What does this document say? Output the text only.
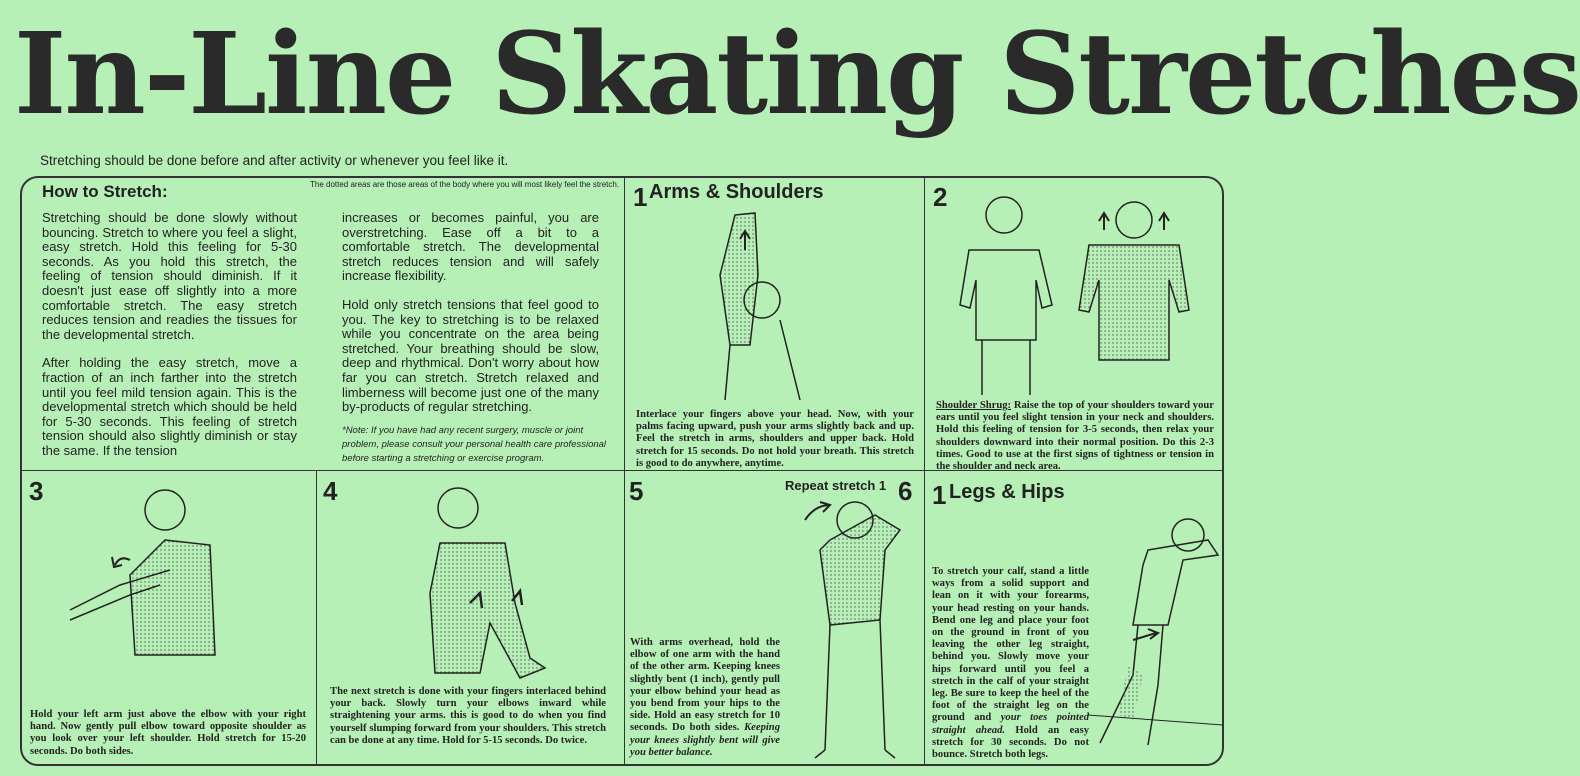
In-Line Skating Stretches
Stretching should be done before and after activity or whenever you feel like it.
How to Stretch:	The dotted areas are those areas of the body where you will most likely feel the stretch.

Stretching should be done slowly without bouncing. Stretch to where you feel a slight, easy stretch. Hold this feeling for 5-30 seconds. As you hold this stretch, the feeling of tension should diminish. If it doesn't just ease off slightly into a more comfortable stretch. The easy stretch reduces tension and readies the tissues for the developmental stretch.

After holding the easy stretch, move a fraction of an inch farther into the stretch until you feel mild tension again. This is the developmental stretch which should be held for 5-30 seconds. This feeling of stretch tension should also slightly diminish or stay the same. If the tension

increases or becomes painful, you are overstretching. Ease off a bit to a comfortable stretch. The developmental stretch reduces tension and will safely increase flexibility.

Hold only stretch tensions that feel good to you. The key to stretching is to be relaxed while you concentrate on the area being stretched. Your breathing should be slow, deep and rhythmical. Don't worry about how far you can stretch. Stretch relaxed and limberness will become just one of the many by-products of regular stretching.

*Note: If you have had any recent surgery, muscle or joint problem, please consult your personal health care professional before starting a stretching or exercise program.
1 Arms & Shoulders
Interlace your fingers above your head. Now, with your palms facing upward, push your arms slightly back and up. Feel the stretch in arms, shoulders and upper back. Hold stretch for 15 seconds. Do not hold your breath. This stretch is good to do anywhere, anytime.
2
Shoulder Shrug: Raise the top of your shoulders toward your ears until you feel slight tension in your neck and shoulders. Hold this feeling of tension for 3-5 seconds, then relax your shoulders downward into their normal position. Do this 2-3 times. Good to use at the first signs of tightness or tension in the shoulder and neck area.
3
Hold your left arm just above the elbow with your right hand. Now gently pull elbow toward opposite shoulder as you look over your left shoulder. Hold stretch for 15-20 seconds. Do both sides.
4
The next stretch is done with your fingers interlaced behind your back. Slowly turn your elbows inward while straightening your arms. this is good to do when you find yourself slumping forward from your shoulders. This stretch can be done at any time. Hold for 5-15 seconds. Do twice.
5	Repeat stretch 1 6
With arms overhead, hold the elbow of one arm with the hand of the other arm. Keeping knees slightly bent (1 inch), gently pull your elbow behind your head as you bend from your hips to the side. Hold an easy stretch for 10 seconds. Do both sides. Keeping your knees slightly bent will give you better balance.
1 Legs & Hips
To stretch your calf, stand a little ways from a solid support and lean on it with your forearms, your head resting on your hands. Bend one leg and place your foot on the ground in front of you leaving the other leg straight, behind you. Slowly move your hips forward until you feel a stretch in the calf of your straight leg. Be sure to keep the heel of the foot of the straight leg on the ground and your toes pointed straight ahead. Hold an easy stretch for 30 seconds. Do not bounce. Stretch both legs.
